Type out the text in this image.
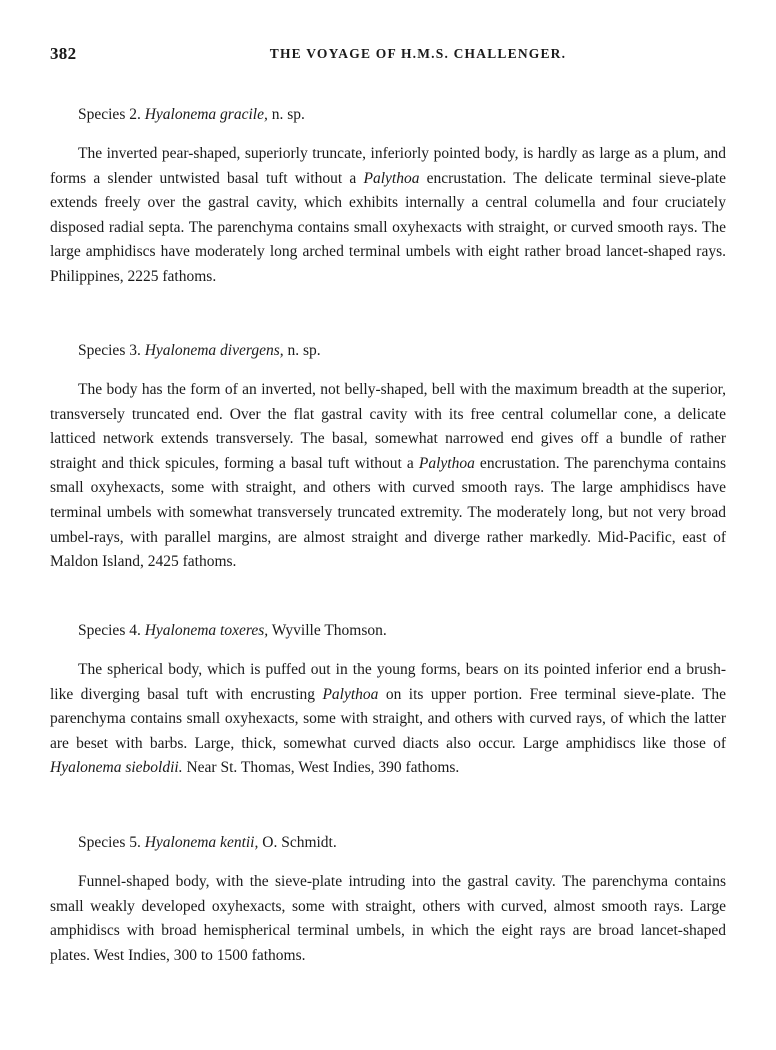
382	THE VOYAGE OF H.M.S. CHALLENGER.

Species 2. Hyalonema gracile, n. sp.

The inverted pear-shaped, superiorly truncate, inferiorly pointed body, is hardly as large as a plum, and forms a slender untwisted basal tuft without a Palythoa encrustation. The delicate terminal sieve-plate extends freely over the gastral cavity, which exhibits internally a central columella and four cruciately disposed radial septa. The parenchyma contains small oxyhexacts with straight, or curved smooth rays. The large amphidiscs have moderately long arched terminal umbels with eight rather broad lancet-shaped rays. Philippines, 2225 fathoms.

Species 3. Hyalonema divergens, n. sp.

The body has the form of an inverted, not belly-shaped, bell with the maximum breadth at the superior, transversely truncated end. Over the flat gastral cavity with its free central columellar cone, a delicate latticed network extends transversely. The basal, somewhat narrowed end gives off a bundle of rather straight and thick spicules, forming a basal tuft without a Palythoa encrustation. The parenchyma contains small oxyhexacts, some with straight, and others with curved smooth rays. The large amphidiscs have terminal umbels with somewhat transversely truncated extremity. The moderately long, but not very broad umbel-rays, with parallel margins, are almost straight and diverge rather markedly. Mid-Pacific, east of Maldon Island, 2425 fathoms.

Species 4. Hyalonema toxeres, Wyville Thomson.

The spherical body, which is puffed out in the young forms, bears on its pointed inferior end a brush-like diverging basal tuft with encrusting Palythoa on its upper portion. Free terminal sieve-plate. The parenchyma contains small oxyhexacts, some with straight, and others with curved rays, of which the latter are beset with barbs. Large, thick, somewhat curved diacts also occur. Large amphidiscs like those of Hyalonema sieboldii. Near St. Thomas, West Indies, 390 fathoms.

Species 5. Hyalonema kentii, O. Schmidt.

Funnel-shaped body, with the sieve-plate intruding into the gastral cavity. The parenchyma contains small weakly developed oxyhexacts, some with straight, others with curved, almost smooth rays. Large amphidiscs with broad hemispherical terminal umbels, in which the eight rays are broad lancet-shaped plates. West Indies, 300 to 1500 fathoms.
